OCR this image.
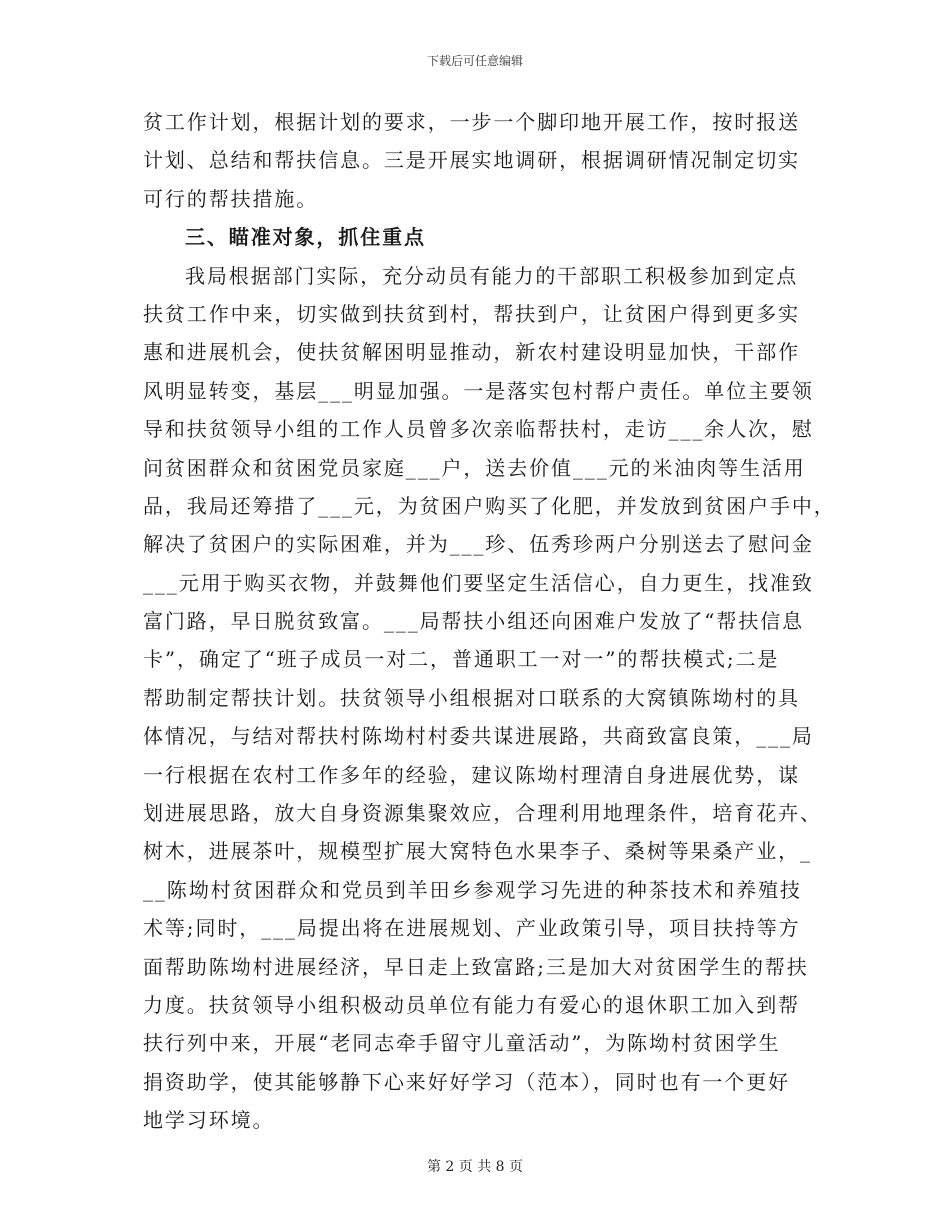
下载后可任意编辑
贫工作计划，根据计划的要求，一步一个脚印地开展工作，按时报送
计划、总结和帮扶信息。三是开展实地调研，根据调研情况制定切实
可行的帮扶措施。
三、瞄准对象，抓住重点
我局根据部门实际，充分动员有能力的干部职工积极参加到定点
扶贫工作中来，切实做到扶贫到村，帮扶到户，让贫困户得到更多实
惠和进展机会，使扶贫解困明显推动，新农村建设明显加快，干部作
风明显转变，基层___明显加强。一是落实包村帮户责任。单位主要领
导和扶贫领导小组的工作人员曾多次亲临帮扶村，走访___余人次，慰
问贫困群众和贫困党员家庭___户，送去价值___元的米油肉等生活用
品，我局还筹措了___元，为贫困户购买了化肥，并发放到贫困户手中，
解决了贫困户的实际困难，并为___珍、伍秀珍两户分别送去了慰问金
___元用于购买衣物，并鼓舞他们要坚定生活信心，自力更生，找准致
富门路，早日脱贫致富。___局帮扶小组还向困难户发放了“帮扶信息
卡”，确定了“班子成员一对二，普通职工一对一”的帮扶模式;二是
帮助制定帮扶计划。扶贫领导小组根据对口联系的大窝镇陈坳村的具
体情况，与结对帮扶村陈坳村村委共谋进展路，共商致富良策，___局
一行根据在农村工作多年的经验，建议陈坳村理清自身进展优势，谋
划进展思路，放大自身资源集聚效应，合理利用地理条件，培育花卉、
树木，进展茶叶，规模型扩展大窝特色水果李子、桑树等果桑产业，_
__陈坳村贫困群众和党员到羊田乡参观学习先进的种茶技术和养殖技
术等;同时，___局提出将在进展规划、产业政策引导，项目扶持等方
面帮助陈坳村进展经济，早日走上致富路;三是加大对贫困学生的帮扶
力度。扶贫领导小组积极动员单位有能力有爱心的退休职工加入到帮
扶行列中来，开展“老同志牵手留守儿童活动”，为陈坳村贫困学生
捐资助学，使其能够静下心来好好学习（范本），同时也有一个更好
地学习环境。
第 2 页 共 8 页
